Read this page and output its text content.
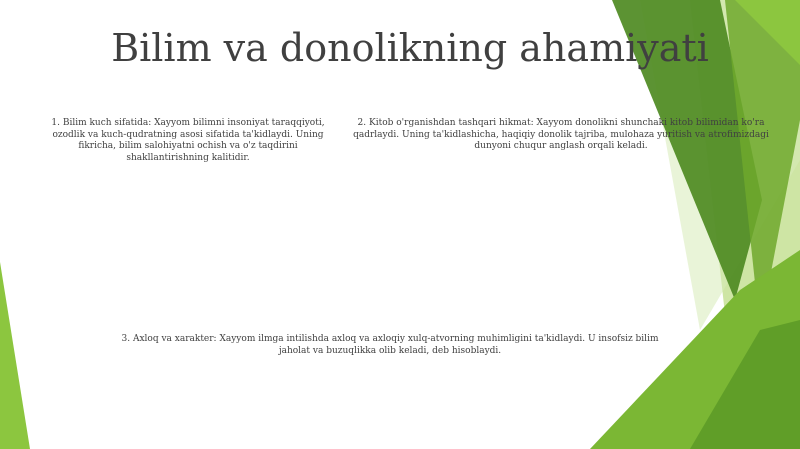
Bilim va donolikning ahamiyati

1. Bilim kuch sifatida: Xayyom bilimni insoniyat taraqqiyoti, ozodlik va kuch-qudratning asosi sifatida ta'kidlaydi. Uning fikricha, bilim salohiyatni ochish va o'z taqdirini shakllantirishning kalitidir.

2. Kitob o'rganishdan tashqari hikmat: Xayyom donolikni shunchaki kitob bilimidan ko'ra qadrlaydi. Uning ta'kidlashicha, haqiqiy donolik tajriba, mulohaza yuritish va atrofimizdagi dunyoni chuqur anglash orqali keladi.

3. Axloq va xarakter: Xayyom ilmga intilishda axloq va axloqiy xulq-atvorning muhimligini ta'kidlaydi. U insofsiz bilim jaholat va buzuqlikka olib keladi, deb hisoblaydi.
